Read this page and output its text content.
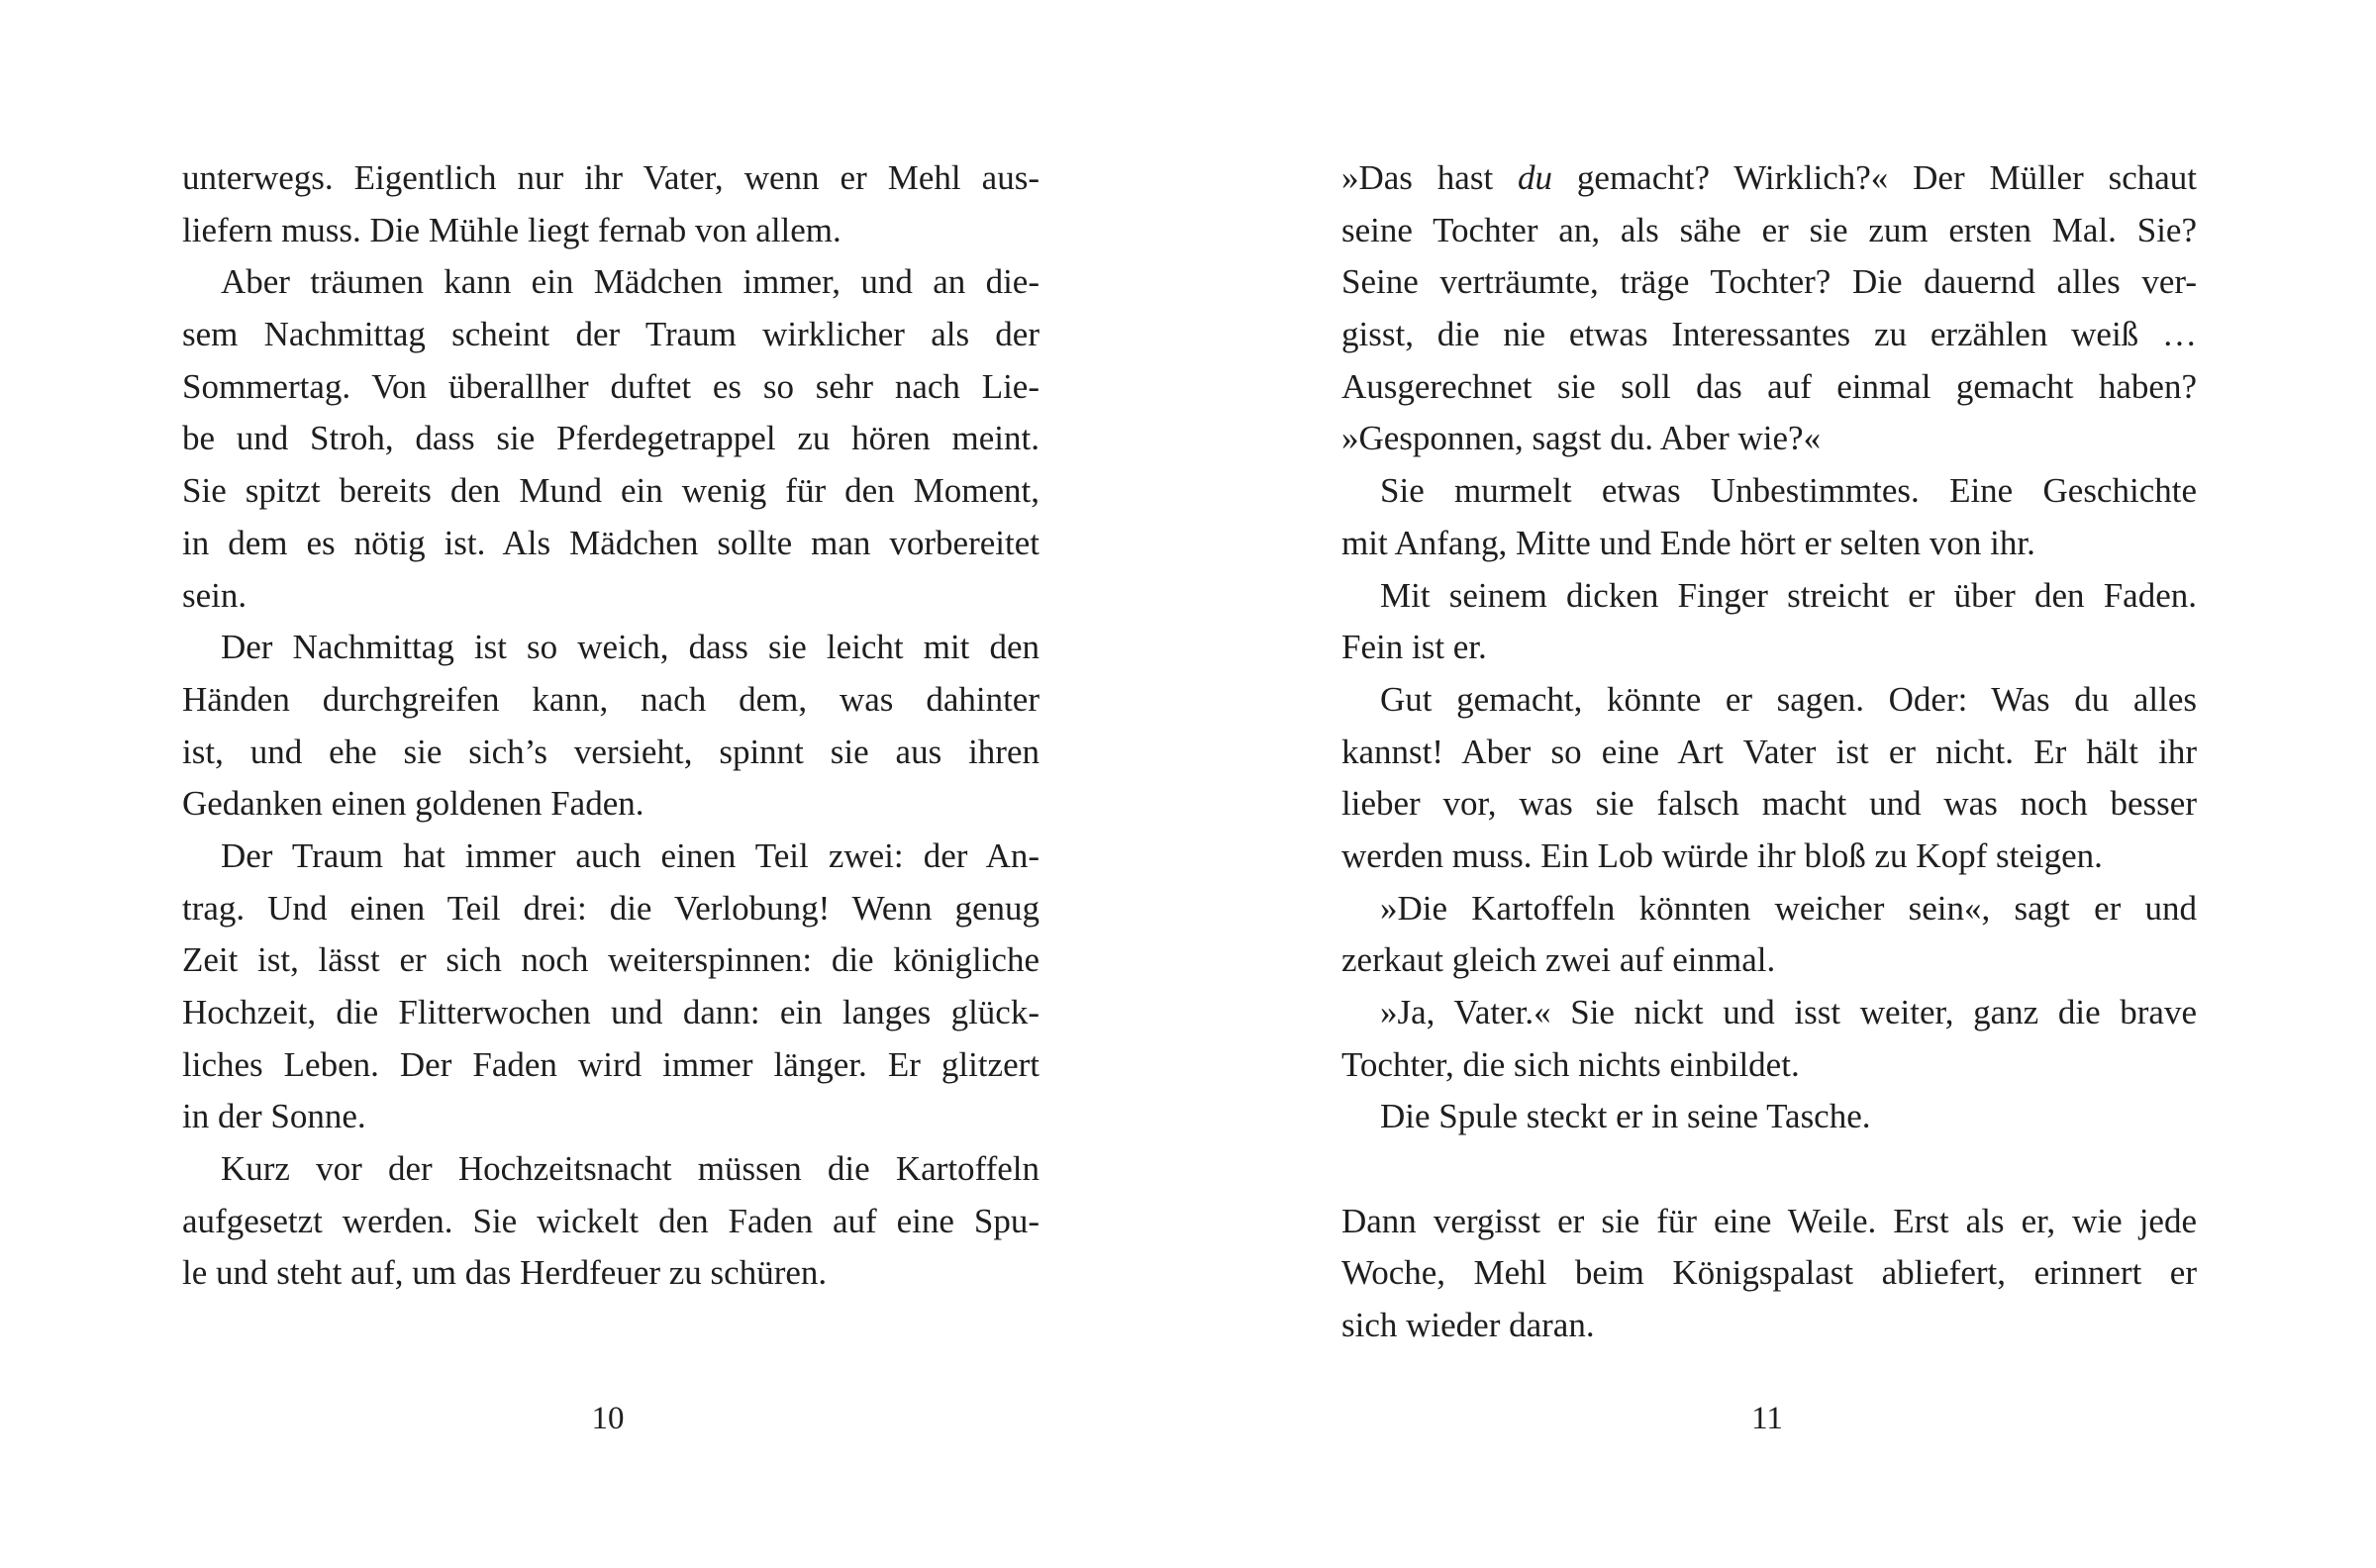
unterwegs. Eigentlich nur ihr Vater, wenn er Mehl aus-
liefern muss. Die Mühle liegt fernab von allem.
Aber träumen kann ein Mädchen immer, und an die-
sem Nachmittag scheint der Traum wirklicher als der
Sommertag. Von überallher duftet es so sehr nach Lie-
be und Stroh, dass sie Pferdegetrappel zu hören meint.
Sie spitzt bereits den Mund ein wenig für den Moment,
in dem es nötig ist. Als Mädchen sollte man vorbereitet
sein.
Der Nachmittag ist so weich, dass sie leicht mit den
Händen durchgreifen kann, nach dem, was dahinter
ist, und ehe sie sich’s versieht, spinnt sie aus ihren
Gedanken einen goldenen Faden.
Der Traum hat immer auch einen Teil zwei: der An-
trag. Und einen Teil drei: die Verlobung! Wenn genug
Zeit ist, lässt er sich noch weiterspinnen: die königliche
Hochzeit, die Flitterwochen und dann: ein langes glück-
liches Leben. Der Faden wird immer länger. Er glitzert
in der Sonne.
Kurz vor der Hochzeitsnacht müssen die Kartoffeln
aufgesetzt werden. Sie wickelt den Faden auf eine Spu-
le und steht auf, um das Herdfeuer zu schüren.
10
»Das hast du gemacht? Wirklich?« Der Müller schaut
seine Tochter an, als sähe er sie zum ersten Mal. Sie?
Seine verträumte, träge Tochter? Die dauernd alles ver-
gisst, die nie etwas Interessantes zu erzählen weiß …
Ausgerechnet sie soll das auf einmal gemacht haben?
»Gesponnen, sagst du. Aber wie?«
Sie murmelt etwas Unbestimmtes. Eine Geschichte
mit Anfang, Mitte und Ende hört er selten von ihr.
Mit seinem dicken Finger streicht er über den Faden.
Fein ist er.
Gut gemacht, könnte er sagen. Oder: Was du alles
kannst! Aber so eine Art Vater ist er nicht. Er hält ihr
lieber vor, was sie falsch macht und was noch besser
werden muss. Ein Lob würde ihr bloß zu Kopf steigen.
»Die Kartoffeln könnten weicher sein«, sagt er und
zerkaut gleich zwei auf einmal.
»Ja, Vater.« Sie nickt und isst weiter, ganz die brave
Tochter, die sich nichts einbildet.
Die Spule steckt er in seine Tasche.
Dann vergisst er sie für eine Weile. Erst als er, wie jede
Woche, Mehl beim Königspalast abliefert, erinnert er
sich wieder daran.
11
